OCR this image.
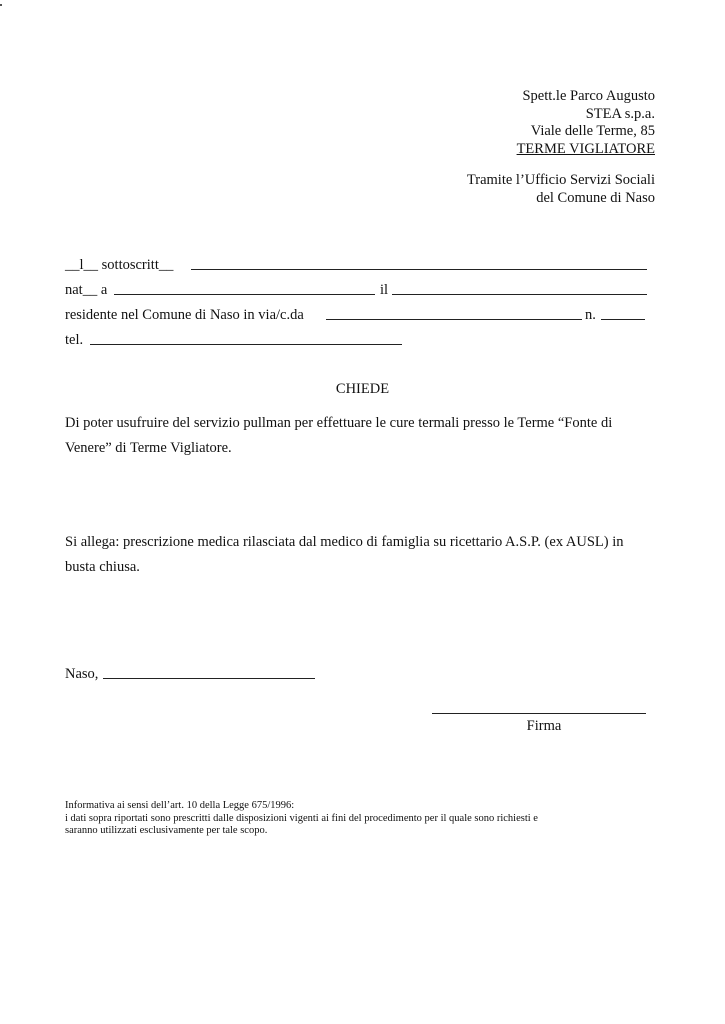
Spett.le Parco Augusto
STEA s.p.a.
Viale delle Terme, 85
TERME VIGLIATORE
Tramite l’Ufficio Servizi Sociali
del Comune di Naso
__l__ sottoscritt__
nat__ a	il
residente nel Comune di Naso in via/c.da	n.
tel.
CHIEDE
Di poter usufruire del servizio pullman per effettuare le cure termali presso le Terme “Fonte di Venere” di Terme Vigliatore.
Si allega: prescrizione medica rilasciata dal medico di famiglia su ricettario A.S.P. (ex AUSL) in busta chiusa.
Naso,
Firma
Informativa ai sensi dell’art. 10 della Legge 675/1996:
i dati sopra riportati sono prescritti dalle disposizioni vigenti ai fini del procedimento per il quale sono richiesti e
saranno utilizzati esclusivamente per tale scopo.
